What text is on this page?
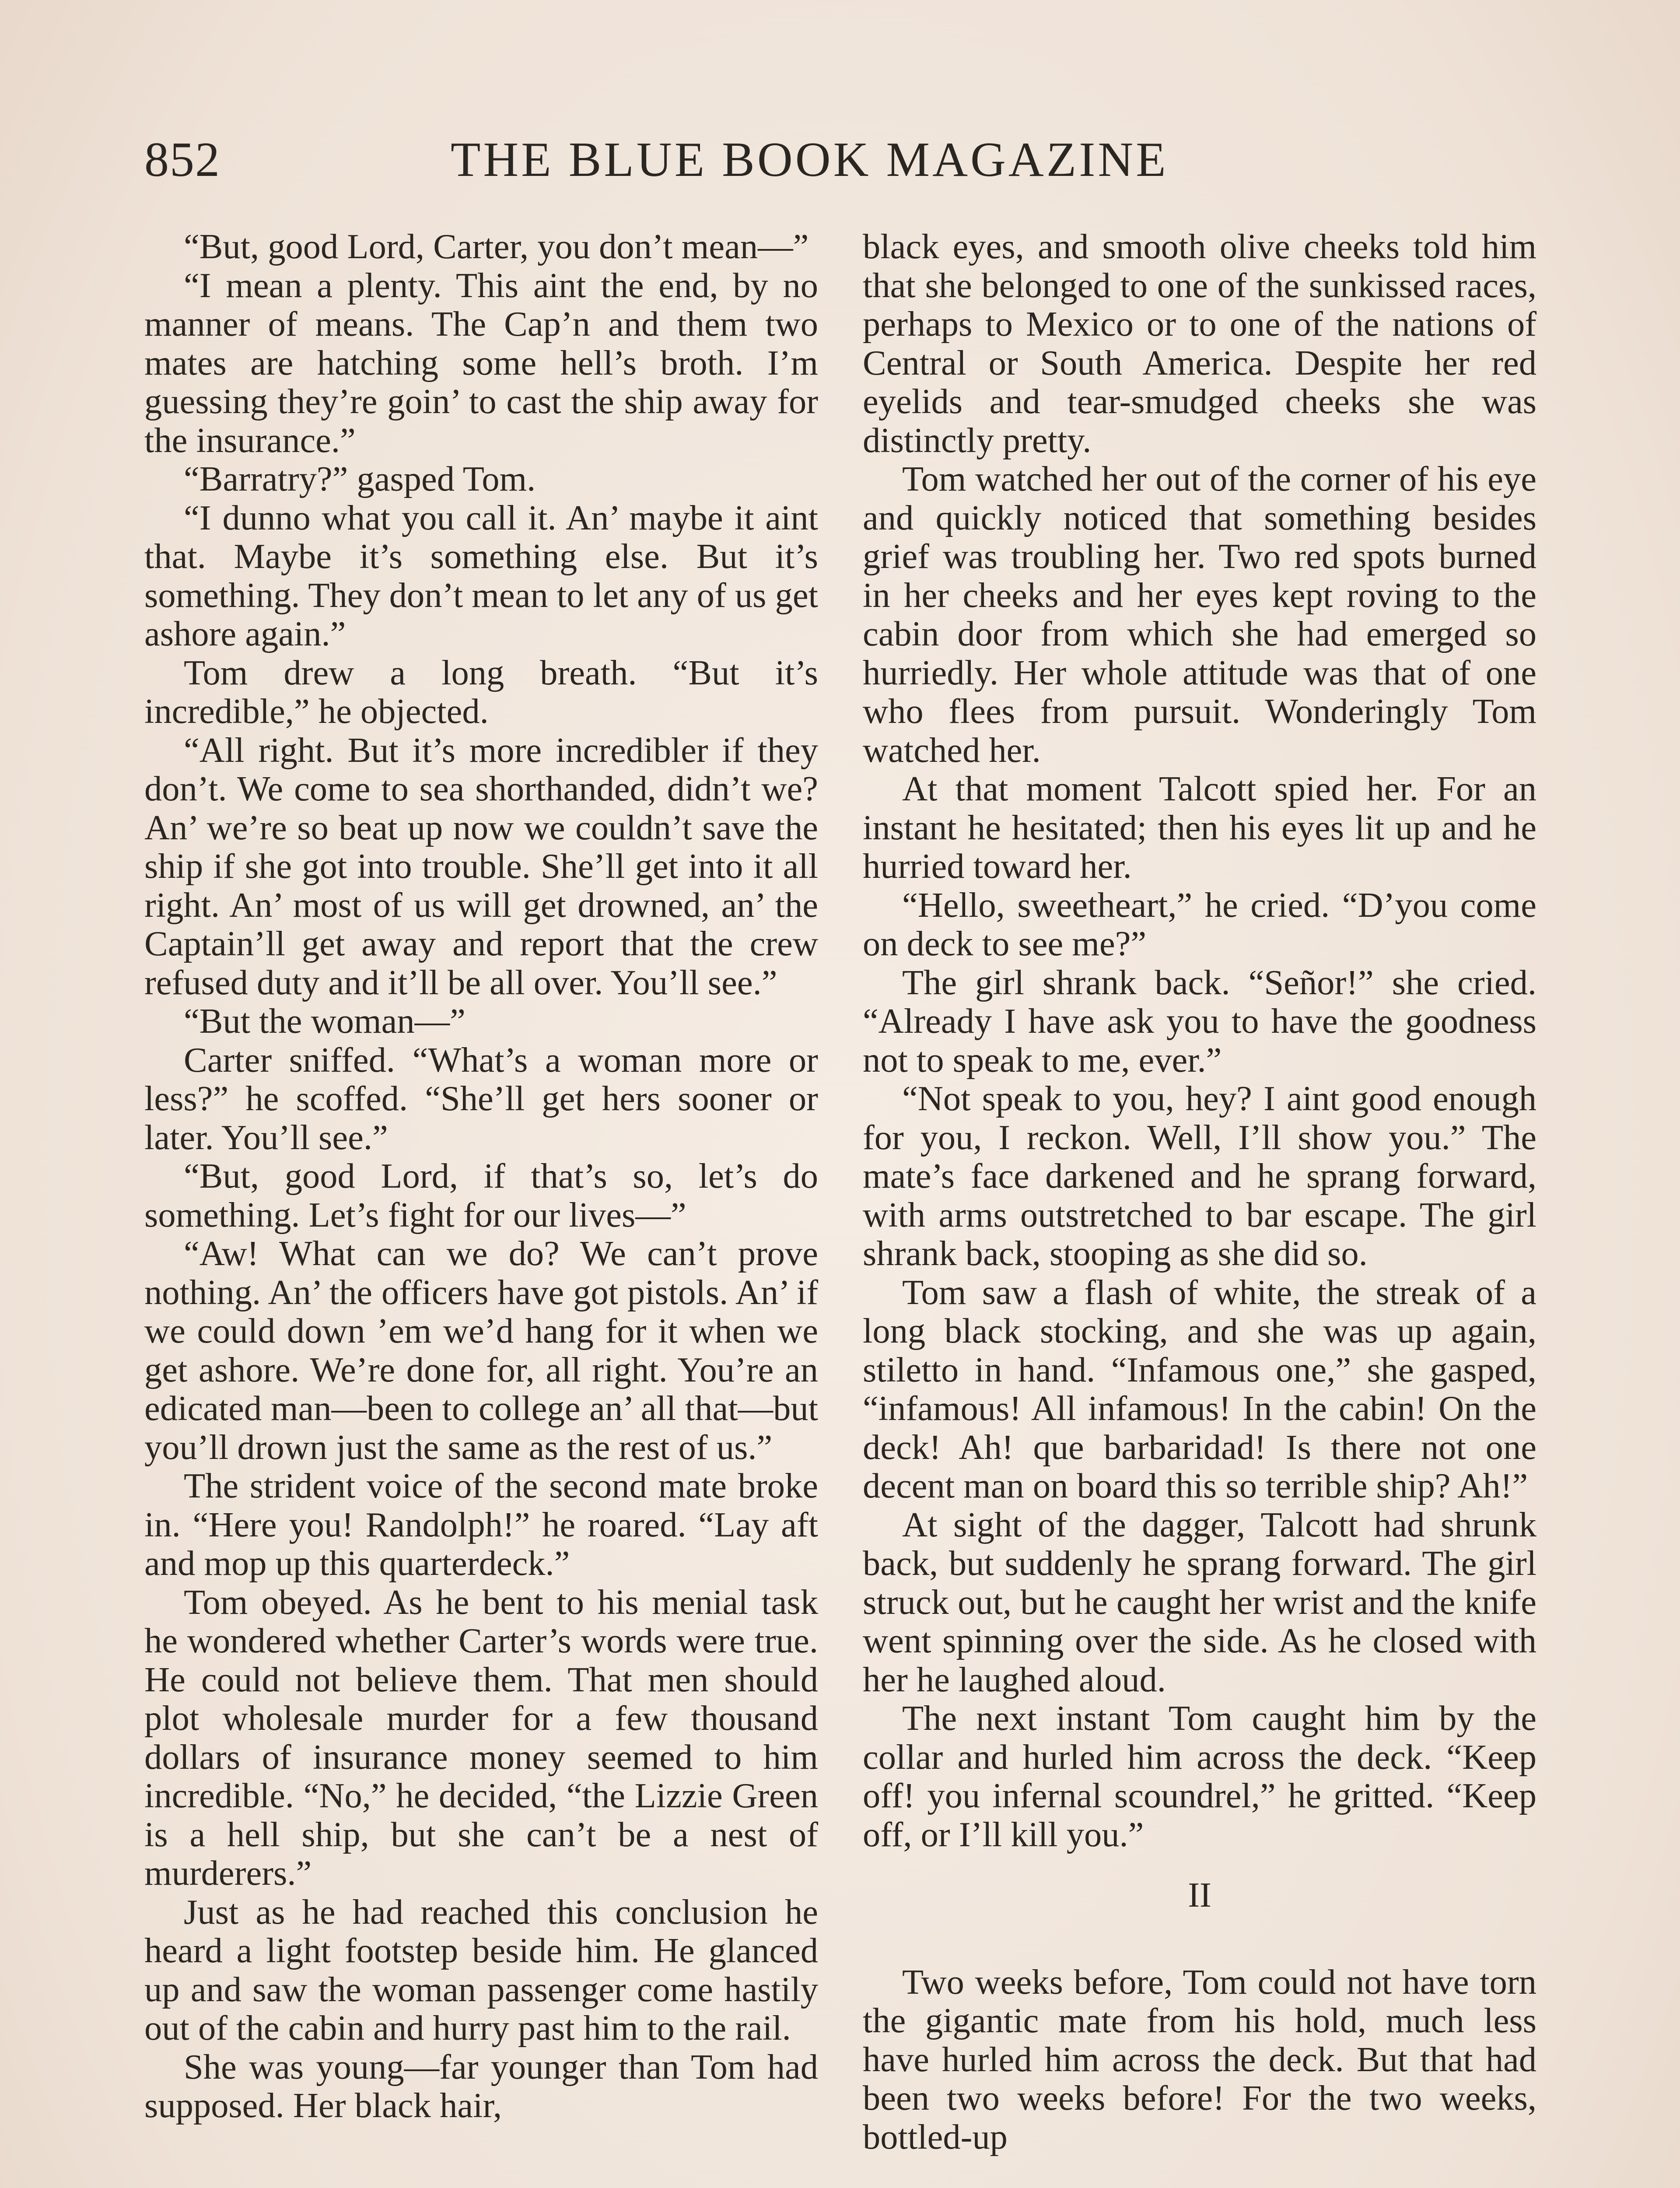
852	THE BLUE BOOK MAGAZINE

“But, good Lord, Carter, you don’t mean—”

“I mean a plenty. This aint the end, by no manner of means. The Cap’n and them two mates are hatching some hell’s broth. I’m guessing they’re goin’ to cast the ship away for the insurance.”

“Barratry?” gasped Tom.

“I dunno what you call it. An’ maybe it aint that. Maybe it’s something else. But it’s something. They don’t mean to let any of us get ashore again.”

Tom drew a long breath. “But it’s incredible,” he objected.

“All right. But it’s more incredibler if they don’t. We come to sea shorthanded, didn’t we? An’ we’re so beat up now we couldn’t save the ship if she got into trouble. She’ll get into it all right. An’ most of us will get drowned, an’ the Captain’ll get away and report that the crew refused duty and it’ll be all over. You’ll see.”

“But the woman—”

Carter sniffed. “What’s a woman more or less?” he scoffed. “She’ll get hers sooner or later. You’ll see.”

“But, good Lord, if that’s so, let’s do something. Let’s fight for our lives—”

“Aw! What can we do? We can’t prove nothing. An’ the officers have got pistols. An’ if we could down ’em we’d hang for it when we get ashore. We’re done for, all right. You’re an edicated man—been to college an’ all that—but you’ll drown just the same as the rest of us.”

The strident voice of the second mate broke in. “Here you! Randolph!” he roared. “Lay aft and mop up this quarterdeck.”

Tom obeyed. As he bent to his menial task he wondered whether Carter’s words were true. He could not believe them. That men should plot wholesale murder for a few thousand dollars of insurance money seemed to him incredible. “No,” he decided, “the Lizzie Green is a hell ship, but she can’t be a nest of murderers.”

Just as he had reached this conclusion he heard a light footstep beside him. He glanced up and saw the woman passenger come hastily out of the cabin and hurry past him to the rail.

She was young—far younger than Tom had supposed. Her black hair,

black eyes, and smooth olive cheeks told him that she belonged to one of the sunkissed races, perhaps to Mexico or to one of the nations of Central or South America. Despite her red eyelids and tear-smudged cheeks she was distinctly pretty.

Tom watched her out of the corner of his eye and quickly noticed that something besides grief was troubling her. Two red spots burned in her cheeks and her eyes kept roving to the cabin door from which she had emerged so hurriedly. Her whole attitude was that of one who flees from pursuit. Wonderingly Tom watched her.

At that moment Talcott spied her. For an instant he hesitated; then his eyes lit up and he hurried toward her.

“Hello, sweetheart,” he cried. “D’you come on deck to see me?”

The girl shrank back. “Señor!” she cried. “Already I have ask you to have the goodness not to speak to me, ever.”

“Not speak to you, hey? I aint good enough for you, I reckon. Well, I’ll show you.” The mate’s face darkened and he sprang forward, with arms outstretched to bar escape. The girl shrank back, stooping as she did so.

Tom saw a flash of white, the streak of a long black stocking, and she was up again, stiletto in hand. “Infamous one,” she gasped, “infamous! All infamous! In the cabin! On the deck! Ah! que barbaridad! Is there not one decent man on board this so terrible ship? Ah!”

At sight of the dagger, Talcott had shrunk back, but suddenly he sprang forward. The girl struck out, but he caught her wrist and the knife went spinning over the side. As he closed with her he laughed aloud.

The next instant Tom caught him by the collar and hurled him across the deck. “Keep off! you infernal scoundrel,” he gritted. “Keep off, or I’ll kill you.”

II

Two weeks before, Tom could not have torn the gigantic mate from his hold, much less have hurled him across the deck. But that had been two weeks before! For the two weeks, bottled-up
